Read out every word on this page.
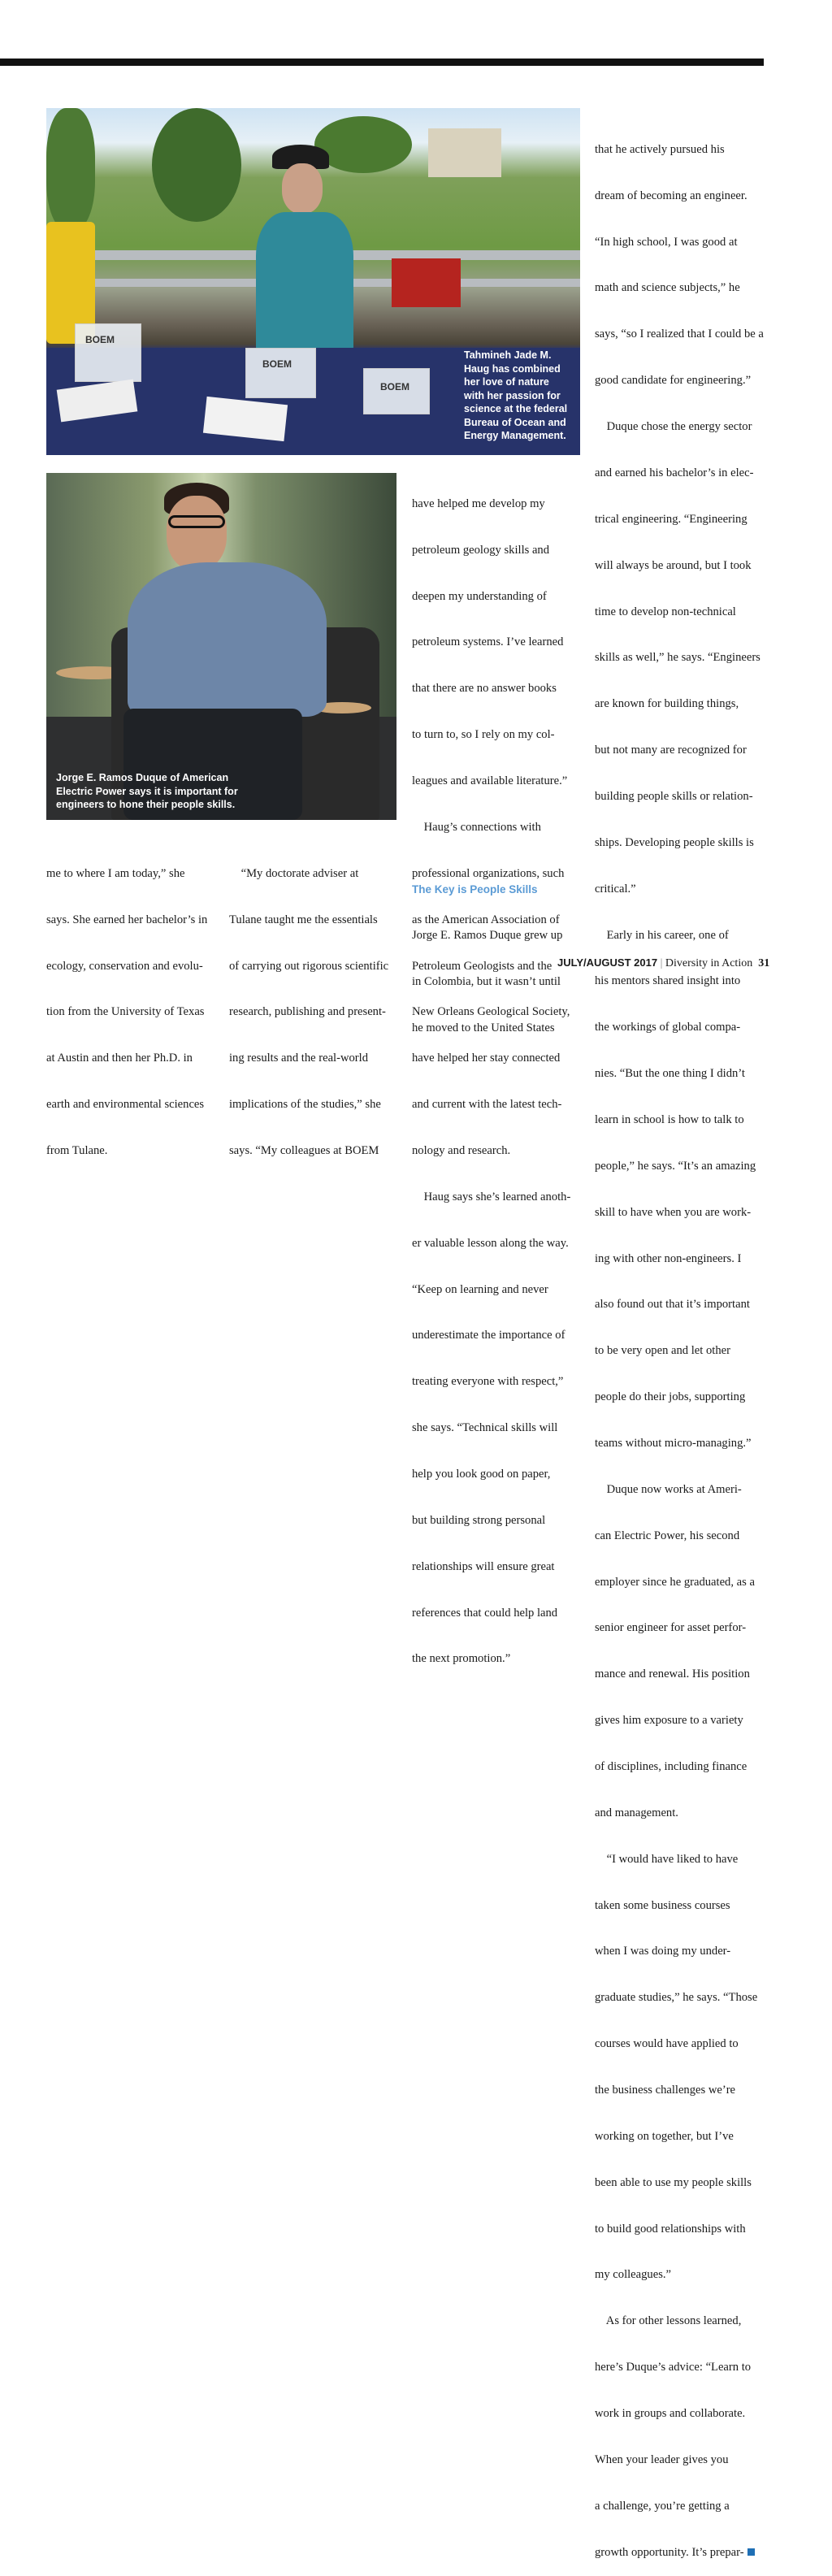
BOEM
BOEM
BOEM
Tahmineh Jade M.
Haug has combined
her love of nature
with her passion for
science at the federal
Bureau of Ocean and
Energy Management.
Jorge E. Ramos Duque of American
Electric Power says it is important for
engineers to hone their people skills.

me to where I am today,” she

says. She earned her bachelor’s in

ecology, conservation and evolu-

tion from the University of Texas

at Austin and then her Ph.D. in

earth and environmental sciences

from Tulane.

“My doctorate adviser at

Tulane taught me the essentials

of carrying out rigorous scientific

research, publishing and present-

ing results and the real-world

implications of the studies,” she

says. “My colleagues at BOEM

have helped me develop my

petroleum geology skills and

deepen my understanding of

petroleum systems. I’ve learned

that there are no answer books

to turn to, so I rely on my col-

leagues and available literature.”

Haug’s connections with

professional organizations, such

as the American Association of

Petroleum Geologists and the

New Orleans Geological Society,

have helped her stay connected

and current with the latest tech-

nology and research.

Haug says she’s learned anoth-

er valuable lesson along the way.

“Keep on learning and never

underestimate the importance of

treating everyone with respect,”

she says. “Technical skills will

help you look good on paper,

but building strong personal

relationships will ensure great

references that could help land

the next promotion.”

The Key is People Skills

Jorge E. Ramos Duque grew up

in Colombia, but it wasn’t until

he moved to the United States

that he actively pursued his

dream of becoming an engineer.

“In high school, I was good at

math and science subjects,” he

says, “so I realized that I could be a

good candidate for engineering.”

Duque chose the energy sector

and earned his bachelor’s in elec-

trical engineering. “Engineering

will always be around, but I took

time to develop non-technical

skills as well,” he says. “Engineers

are known for building things,

but not many are recognized for

building people skills or relation-

ships. Developing people skills is

critical.”

Early in his career, one of

his mentors shared insight into

the workings of global compa-

nies. “But the one thing I didn’t

learn in school is how to talk to

people,” he says. “It’s an amazing

skill to have when you are work-

ing with other non-engineers. I

also found out that it’s important

to be very open and let other

people do their jobs, supporting

teams without micro-managing.”

Duque now works at Ameri-

can Electric Power, his second

employer since he graduated, as a

senior engineer for asset perfor-

mance and renewal. His position

gives him exposure to a variety

of disciplines, including finance

and management.

“I would have liked to have

taken some business courses

when I was doing my under-

graduate studies,” he says. “Those

courses would have applied to

the business challenges we’re

working on together, but I’ve

been able to use my people skills

to build good relationships with

my colleagues.”

As for other lessons learned,

here’s Duque’s advice: “Learn to

work in groups and collaborate.

When your leader gives you

a challenge, you’re getting a

growth opportunity. It’s prepar-

JULY/AUGUST 2017 | Diversity in Action 31
